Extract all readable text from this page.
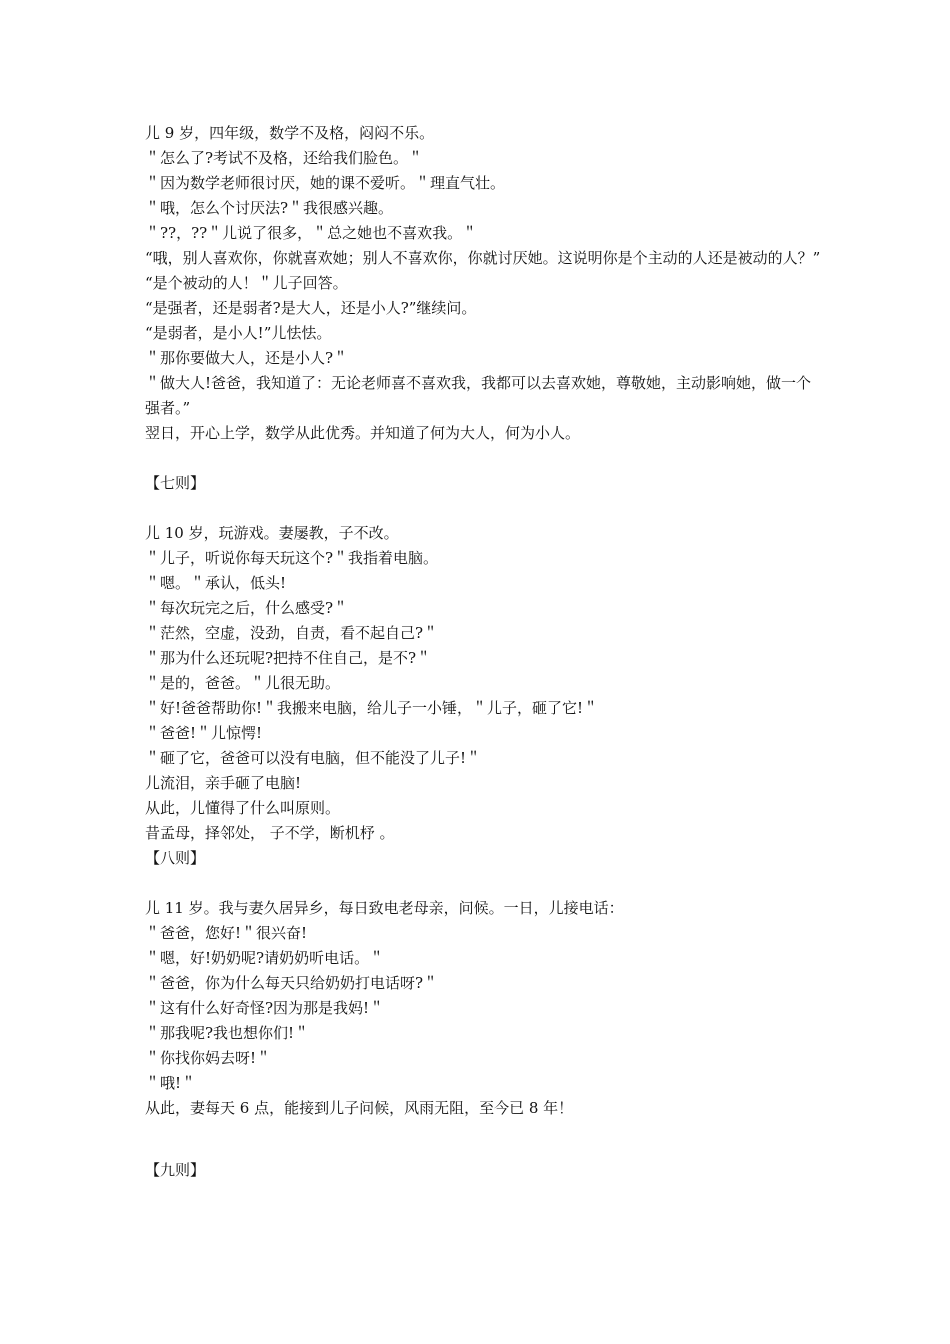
儿 9 岁，四年级，数学不及格，闷闷不乐。
＂怎么了?考试不及格，还给我们脸色。＂
＂因为数学老师很讨厌，她的课不爱听。＂理直气壮。
＂哦，怎么个讨厌法?＂我很感兴趣。
＂??，??＂儿说了很多，＂总之她也不喜欢我。＂
“哦，别人喜欢你，你就喜欢她；别人不喜欢你，你就讨厌她。这说明你是个主动的人还是被动的人？”
“是个被动的人！＂儿子回答。
“是强者，还是弱者?是大人，还是小人?”继续问。
“是弱者，是小人!”儿怯怯。
＂那你要做大人，还是小人?＂
＂做大人!爸爸，我知道了：无论老师喜不喜欢我，我都可以去喜欢她，尊敬她，主动影响她，做一个强者。”
翌日，开心上学，数学从此优秀。并知道了何为大人，何为小人。
【七则】
儿 10 岁，玩游戏。妻屡教，子不改。
＂儿子，听说你每天玩这个?＂我指着电脑。
＂嗯。＂承认，低头!
＂每次玩完之后，什么感受?＂
＂茫然，空虚，没劲，自责，看不起自己?＂
＂那为什么还玩呢?把持不住自己，是不?＂
＂是的，爸爸。＂儿很无助。
＂好!爸爸帮助你!＂我搬来电脑，给儿子一小锤，＂儿子，砸了它!＂
＂爸爸!＂儿惊愕!
＂砸了它，爸爸可以没有电脑，但不能没了儿子!＂
儿流泪，亲手砸了电脑!
从此，儿懂得了什么叫原则。
昔孟母，择邻处， 子不学，断机杼 。
【八则】
儿 11 岁。我与妻久居异乡，每日致电老母亲，问候。一日，儿接电话：
＂爸爸，您好!＂很兴奋!
＂嗯，好!奶奶呢?请奶奶听电话。＂
＂爸爸，你为什么每天只给奶奶打电话呀?＂
＂这有什么好奇怪?因为那是我妈!＂
＂那我呢?我也想你们!＂
＂你找你妈去呀!＂
＂哦!＂
从此，妻每天 6 点，能接到儿子问候，风雨无阻，至今已 8 年！
【九则】
